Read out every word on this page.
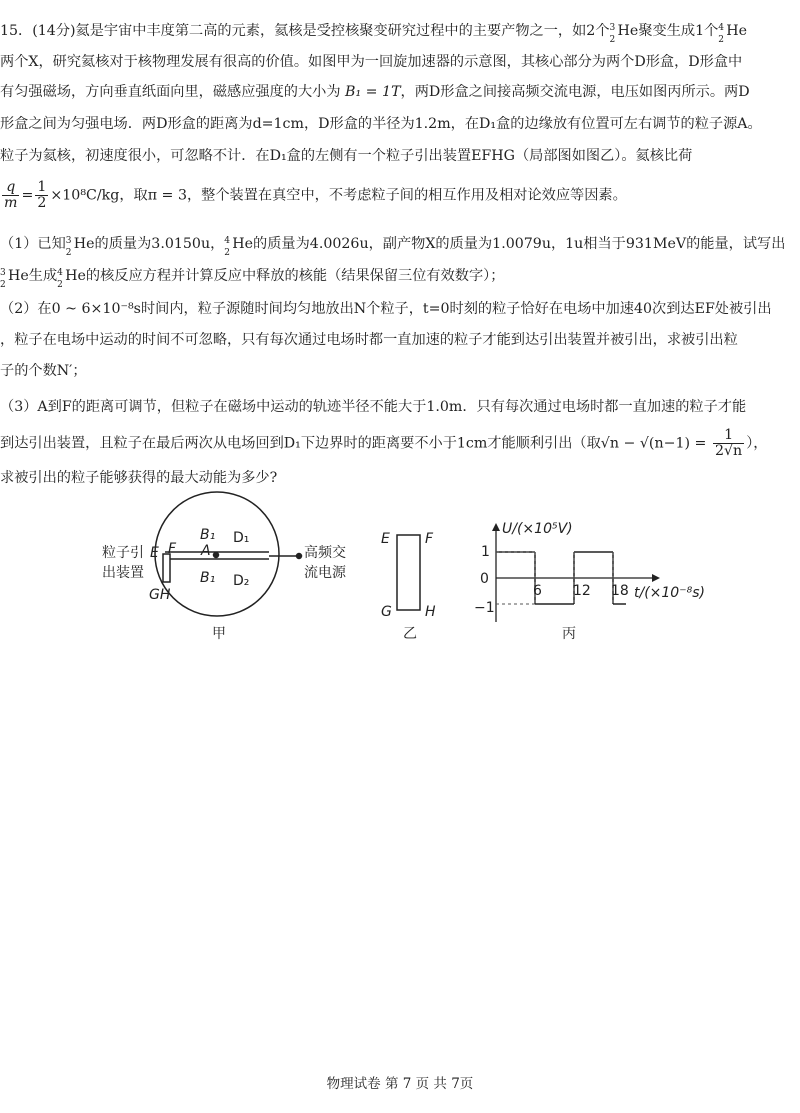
15．(14分)氦是宇宙中丰度第二高的元素，氦核是受控核聚变研究过程中的主要产物之一，如2个 3
2
He聚变生成1个 4
2
He
两个X，研究氦核对于核物理发展有很高的价值。如图甲为一回旋加速器的示意图，其核心部分为两个D形盒，D形盒中
有匀强磁场，方向垂直纸面向里，磁感应强度的大小为 B₁ = 1T，两D形盒之间接高频交流电源，电压如图丙所示。两D
形盒之间为匀强电场．两D形盒的距离为d=1cm，D形盒的半径为1.2m，在D₁盒的边缘放有位置可左右调节的粒子源A。
粒子为氦核，初速度很小，可忽略不计．在D₁盒的左侧有一个粒子引出装置EFHG（局部图如图乙）。氦核比荷
$\frac{q}{m} = \frac{1}{2} \times 10^8C/kg$，取π = 3，整个装置在真空中，不考虑粒子间的相互作用及相对论效应等因素。
（1）已知 3
2
He的质量为3.0150u， 4
2
He的质量为4.0026u，副产物X的质量为1.0079u，1u相当于931MeV的能量，试写出
3
2
He生成 4
2
He的核反应方程并计算反应中释放的核能（结果保留三位有效数字）；
（2）在0 ~ 6×10⁻⁸s时间内，粒子源随时间均匀地放出N个粒子，t=0时刻的粒子恰好在电场中加速40次到达EF处被引出
，粒子在电场中运动的时间不可忽略，只有每次通过电场时都一直加速的粒子才能到达引出装置并被引出，求被引出粒
子的个数N′；
（3）A到F的距离可调节，但粒子在磁场中运动的轨迹半径不能大于1.0m．只有每次通过电场时都一直加速的粒子才能
到达引出装置，且粒子在最后两次从电场回到D₁下边界时的距离要不小于1cm才能顺利引出（取$√n - √(n-1) = \frac{1}{2√n}$ ），
求被引出的粒子能够获得的最大动能为多少?
粒子引
出装置
E F A
GH
B₁ D₁
B₁ D₂
高频交
流电源
甲
E	F
G H
乙
U/(×10⁵V)
t/(×10⁻⁸s)
1
0
−1
6 12 18
丙
物理试卷 第 7 页 共 7页
